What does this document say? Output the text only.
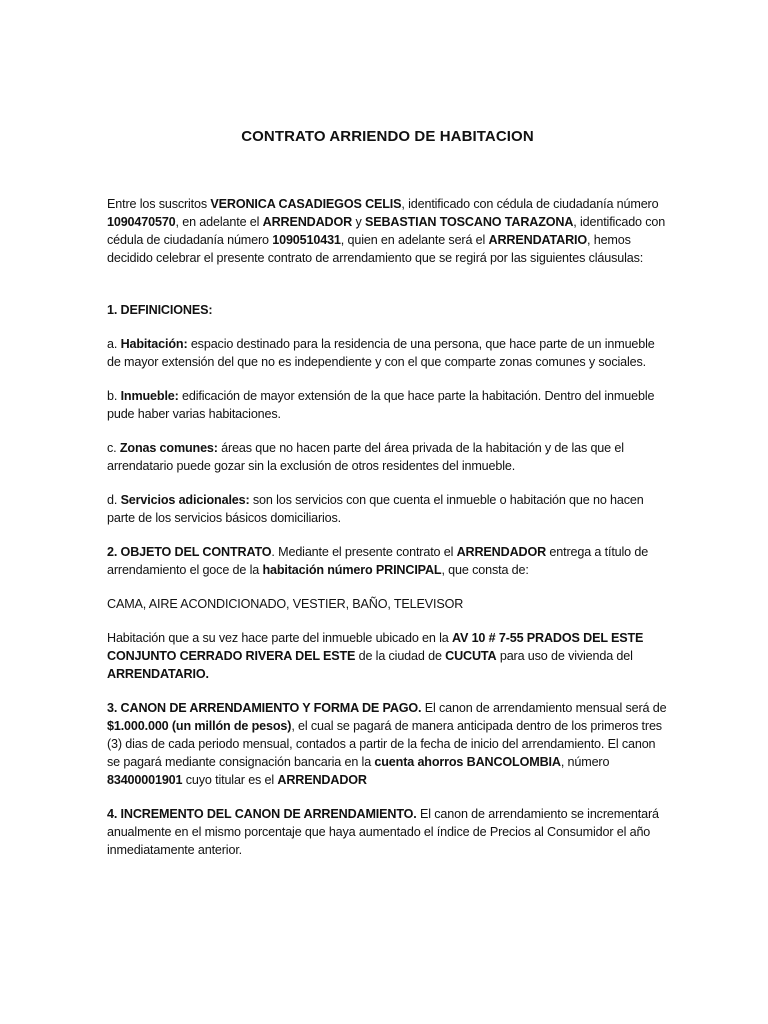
CONTRATO ARRIENDO DE HABITACION

Entre los suscritos VERONICA CASADIEGOS CELIS, identificado con cédula de ciudadanía número 1090470570, en adelante el ARRENDADOR y SEBASTIAN TOSCANO TARAZONA, identificado con cédula de ciudadanía número 1090510431, quien en adelante será el ARRENDATARIO, hemos decidido celebrar el presente contrato de arrendamiento que se regirá por las siguientes cláusulas:

1. DEFINICIONES:

a. Habitación: espacio destinado para la residencia de una persona, que hace parte de un inmueble de mayor extensión del que no es independiente y con el que comparte zonas comunes y sociales.

b. Inmueble: edificación de mayor extensión de la que hace parte la habitación. Dentro del inmueble pude haber varias habitaciones.

c. Zonas comunes: áreas que no hacen parte del área privada de la habitación y de las que el arrendatario puede gozar sin la exclusión de otros residentes del inmueble.

d. Servicios adicionales: son los servicios con que cuenta el inmueble o habitación que no hacen parte de los servicios básicos domiciliarios.

2. OBJETO DEL CONTRATO. Mediante el presente contrato el ARRENDADOR entrega a título de arrendamiento el goce de la habitación número PRINCIPAL, que consta de:

CAMA, AIRE ACONDICIONADO, VESTIER, BAÑO, TELEVISOR

Habitación que a su vez hace parte del inmueble ubicado en la AV 10 # 7-55 PRADOS DEL ESTE CONJUNTO CERRADO RIVERA DEL ESTE de la ciudad de CUCUTA para uso de vivienda del ARRENDATARIO.

3. CANON DE ARRENDAMIENTO Y FORMA DE PAGO. El canon de arrendamiento mensual será de $1.000.000 (un millón de pesos), el cual se pagará de manera anticipada dentro de los primeros tres (3) dias de cada periodo mensual, contados a partir de la fecha de inicio del arrendamiento. El canon se pagará mediante consignación bancaria en la cuenta ahorros BANCOLOMBIA, número 83400001901 cuyo titular es el ARRENDADOR

4. INCREMENTO DEL CANON DE ARRENDAMIENTO. El canon de arrendamiento se incrementará anualmente en el mismo porcentaje que haya aumentado el índice de Precios al Consumidor el año inmediatamente anterior.
